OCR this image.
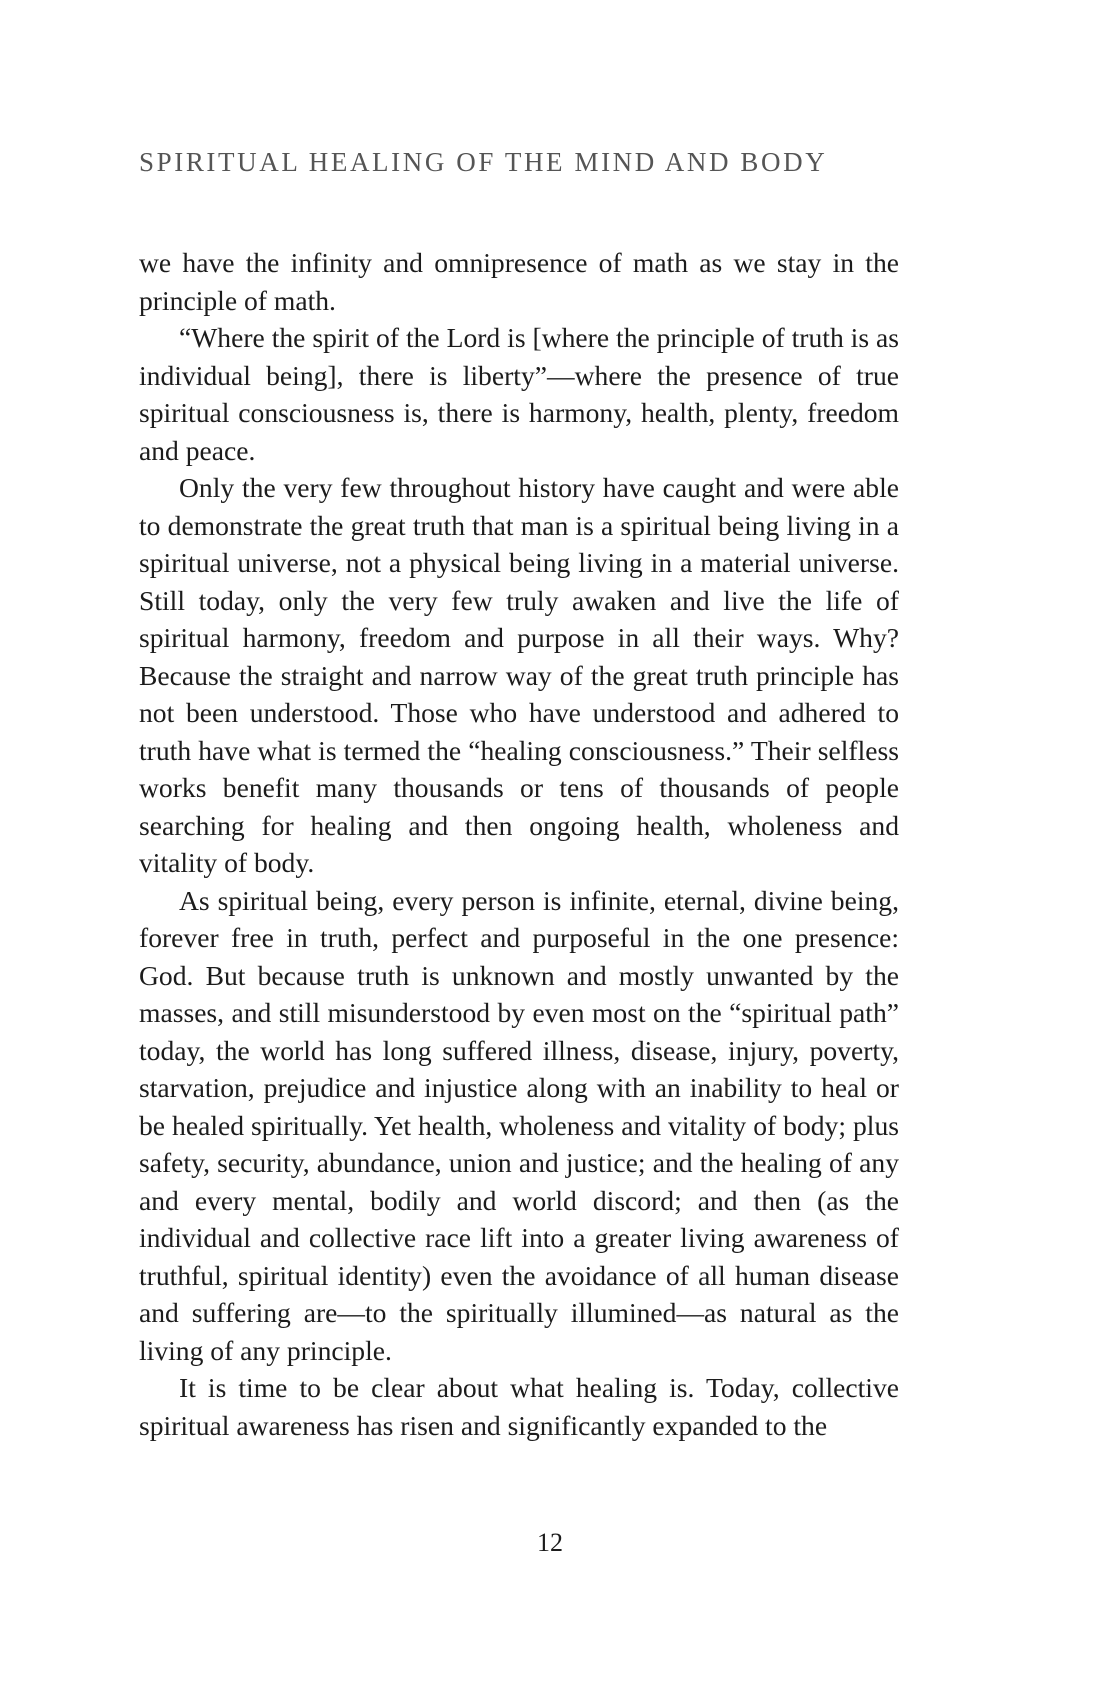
SPIRITUAL HEALING OF THE MIND AND BODY

we have the infinity and omnipresence of math as we stay in the principle of math.

“Where the spirit of the Lord is [where the principle of truth is as individual being], there is liberty”—where the presence of true spiritual consciousness is, there is harmony, health, plenty, freedom and peace.

Only the very few throughout history have caught and were able to demonstrate the great truth that man is a spiritual being living in a spiritual universe, not a physical being living in a material universe. Still today, only the very few truly awaken and live the life of spiritual harmony, freedom and purpose in all their ways. Why? Because the straight and narrow way of the great truth principle has not been understood. Those who have understood and adhered to truth have what is termed the “healing consciousness.” Their selfless works benefit many thousands or tens of thousands of people searching for healing and then ongoing health, wholeness and vitality of body.

As spiritual being, every person is infinite, eternal, divine being, forever free in truth, perfect and purposeful in the one presence: God. But because truth is unknown and mostly unwanted by the masses, and still misunderstood by even most on the “spiritual path” today, the world has long suffered illness, disease, injury, poverty, starvation, prejudice and injustice along with an inability to heal or be healed spiritually. Yet health, wholeness and vitality of body; plus safety, security, abundance, union and justice; and the healing of any and every mental, bodily and world discord; and then (as the individual and collective race lift into a greater living awareness of truthful, spiritual identity) even the avoidance of all human disease and suffering are—to the spiritually illumined—as natural as the living of any principle.

It is time to be clear about what healing is. Today, collective spiritual awareness has risen and significantly expanded to the

12
